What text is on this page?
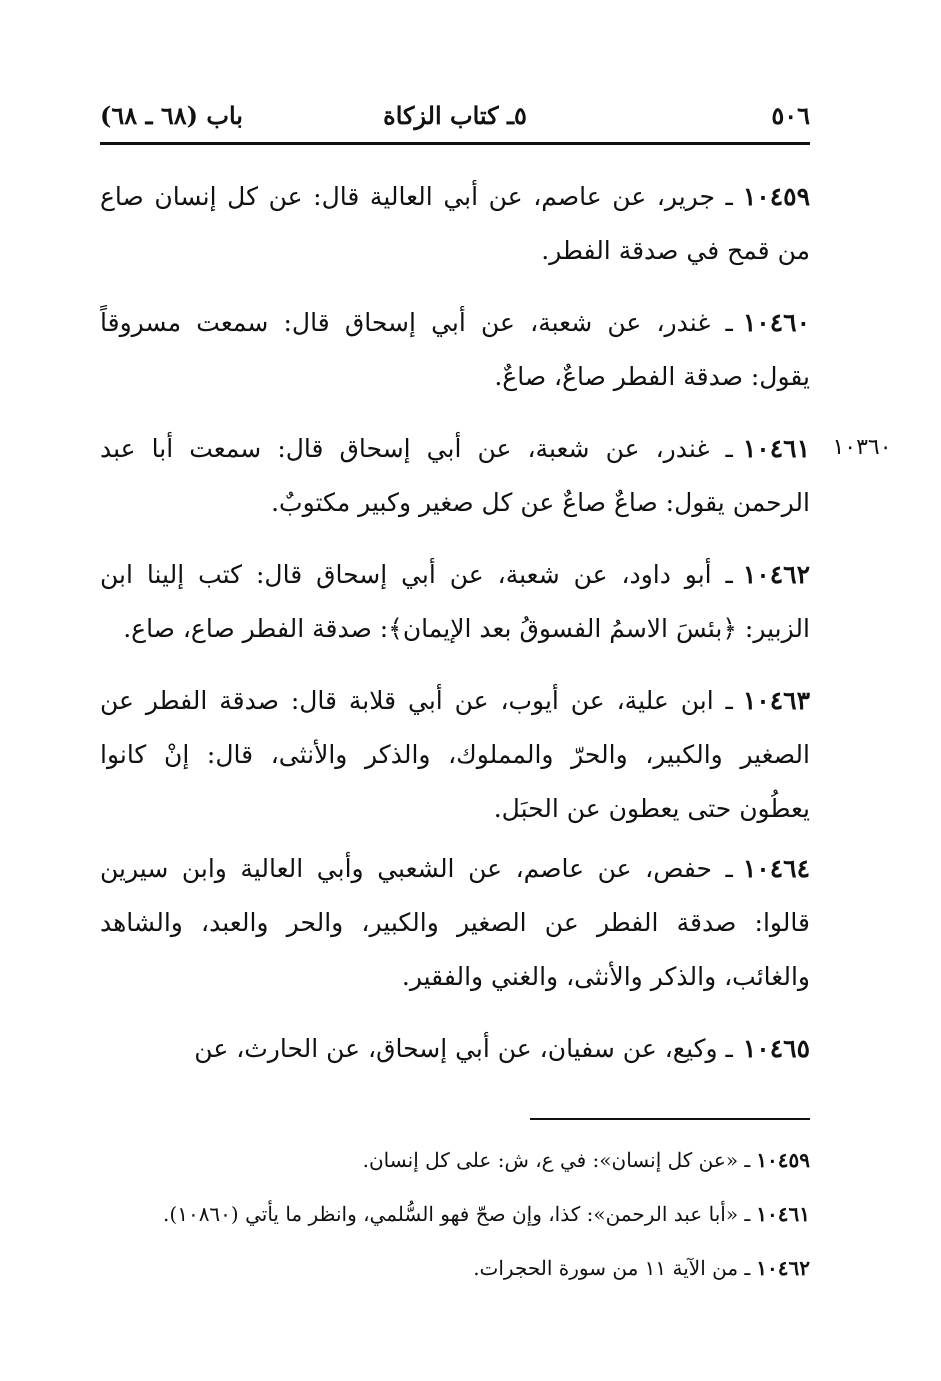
٥٠٦
٥ـ كتاب الزكاة
باب (٦٨ ـ ٦٨)
١٠٣٦٠

١٠٤٥٩ـ جرير، عن عاصم، عن أبي العالية قال: عن كل إنسان صاع من قمح في صدقة الفطر.

١٠٤٦٠ـ غندر، عن شعبة، عن أبي إسحاق قال: سمعت مسروقاً يقول: صدقة الفطر صاعٌ، صاعٌ.

١٠٤٦١ـ غندر، عن شعبة، عن أبي إسحاق قال: سمعت أبا عبد الرحمن يقول: صاعٌ صاعٌ عن كل صغير وكبير مكتوبٌ.

١٠٤٦٢ـ أبو داود، عن شعبة، عن أبي إسحاق قال: كتب إلينا ابن الزبير: ﴿بئسَ الاسمُ الفسوقُ بعد الإيمان﴾: صدقة الفطر صاع، صاع.

١٠٤٦٣ـ ابن علية، عن أيوب، عن أبي قلابة قال: صدقة الفطر عن الصغير والكبير، والحرّ والمملوك، والذكر والأنثى، قال: إنْ كانوا يعطُون حتى يعطون عن الحبَل.

١٠٤٦٤ـ حفص، عن عاصم، عن الشعبي وأبي العالية وابن سيرين قالوا: صدقة الفطر عن الصغير والكبير، والحر والعبد، والشاهد والغائب، والذكر والأنثى، والغني والفقير.

١٠٤٦٥ـ وكيع، عن سفيان، عن أبي إسحاق، عن الحارث، عن

١٠٤٥٩ـ «عن كل إنسان»: في ع، ش: على كل إنسان.

١٠٤٦١ـ «أبا عبد الرحمن»: كذا، وإن صحّ فهو السُّلمي، وانظر ما يأتي (١٠٨٦٠).

١٠٤٦٢ـ من الآية ١١ من سورة الحجرات.
